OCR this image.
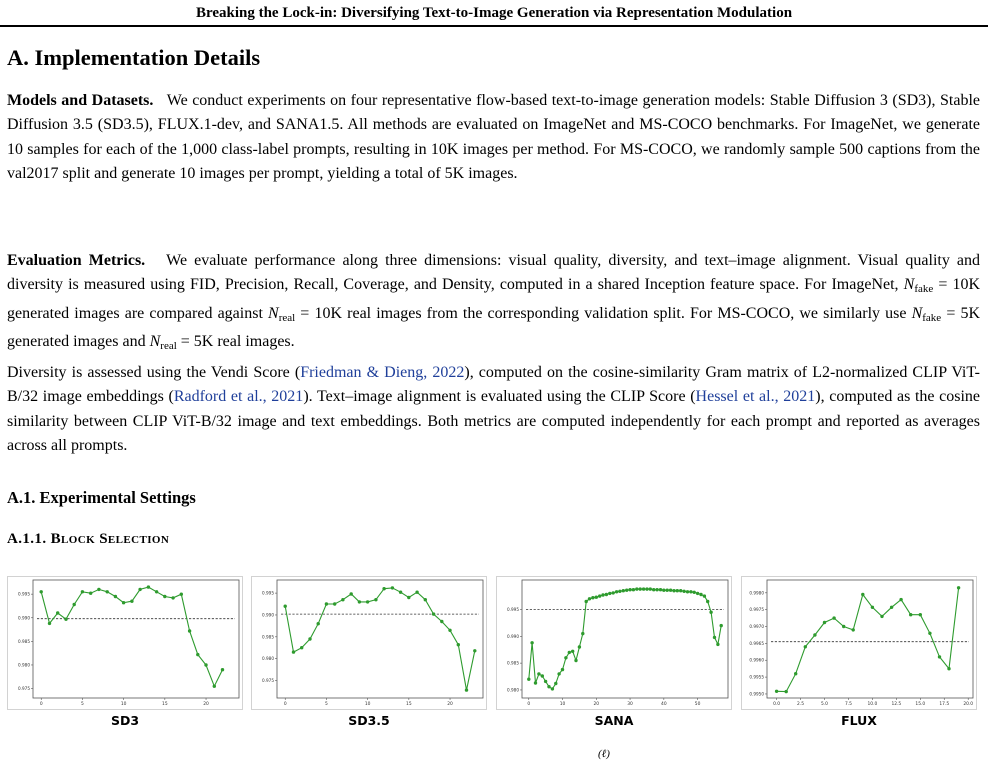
Breaking the Lock-in: Diversifying Text-to-Image Generation via Representation Modulation
A. Implementation Details

Models and Datasets. We conduct experiments on four representative flow-based text-to-image generation models: Stable Diffusion 3 (SD3), Stable Diffusion 3.5 (SD3.5), FLUX.1-dev, and SANA1.5. All methods are evaluated on ImageNet and MS-COCO benchmarks. For ImageNet, we generate 10 samples for each of the 1,000 class-label prompts, resulting in 10K images per method. For MS-COCO, we randomly sample 500 captions from the val2017 split and generate 10 images per prompt, yielding a total of 5K images.

Evaluation Metrics. We evaluate performance along three dimensions: visual quality, diversity, and text–image alignment. Visual quality and diversity is measured using FID, Precision, Recall, Coverage, and Density, computed in a shared Inception feature space. For ImageNet, $N_{fake} = 10K$ generated images are compared against $N_{real} = 10K$ real images from the corresponding validation split. For MS-COCO, we similarly use $N_{fake} = 5K$ generated images and $N_{real} = 5K$ real images.

Diversity is assessed using the Vendi Score (Friedman & Dieng, 2022), computed on the cosine-similarity Gram matrix of L2-normalized CLIP ViT-B/32 image embeddings (Radford et al., 2021). Text–image alignment is evaluated using the CLIP Score (Hessel et al., 2021), computed as the cosine similarity between CLIP ViT-B/32 image and text embeddings. Both metrics are computed independently for each prompt and reported as averages across all prompts.

A.1. Experimental Settings
A.1.1. Block Selection
0.975
0.980
0.985
0.990
0.995
0	5	10	15	20
0.975
0.980
0.985
0.990
0.995
0	5	10	15	20
0.980
0.985
0.990
0.995
0	10	20	30	40	50
0.9950
0.9955
0.9960
0.9965
0.9970
0.9975
0.9980
0.0	2.5	5.0	7.5	10.0	12.5	15.0	17.5	20.0
SD3	SD3.5	SANA	FLUX
(ℓ)
